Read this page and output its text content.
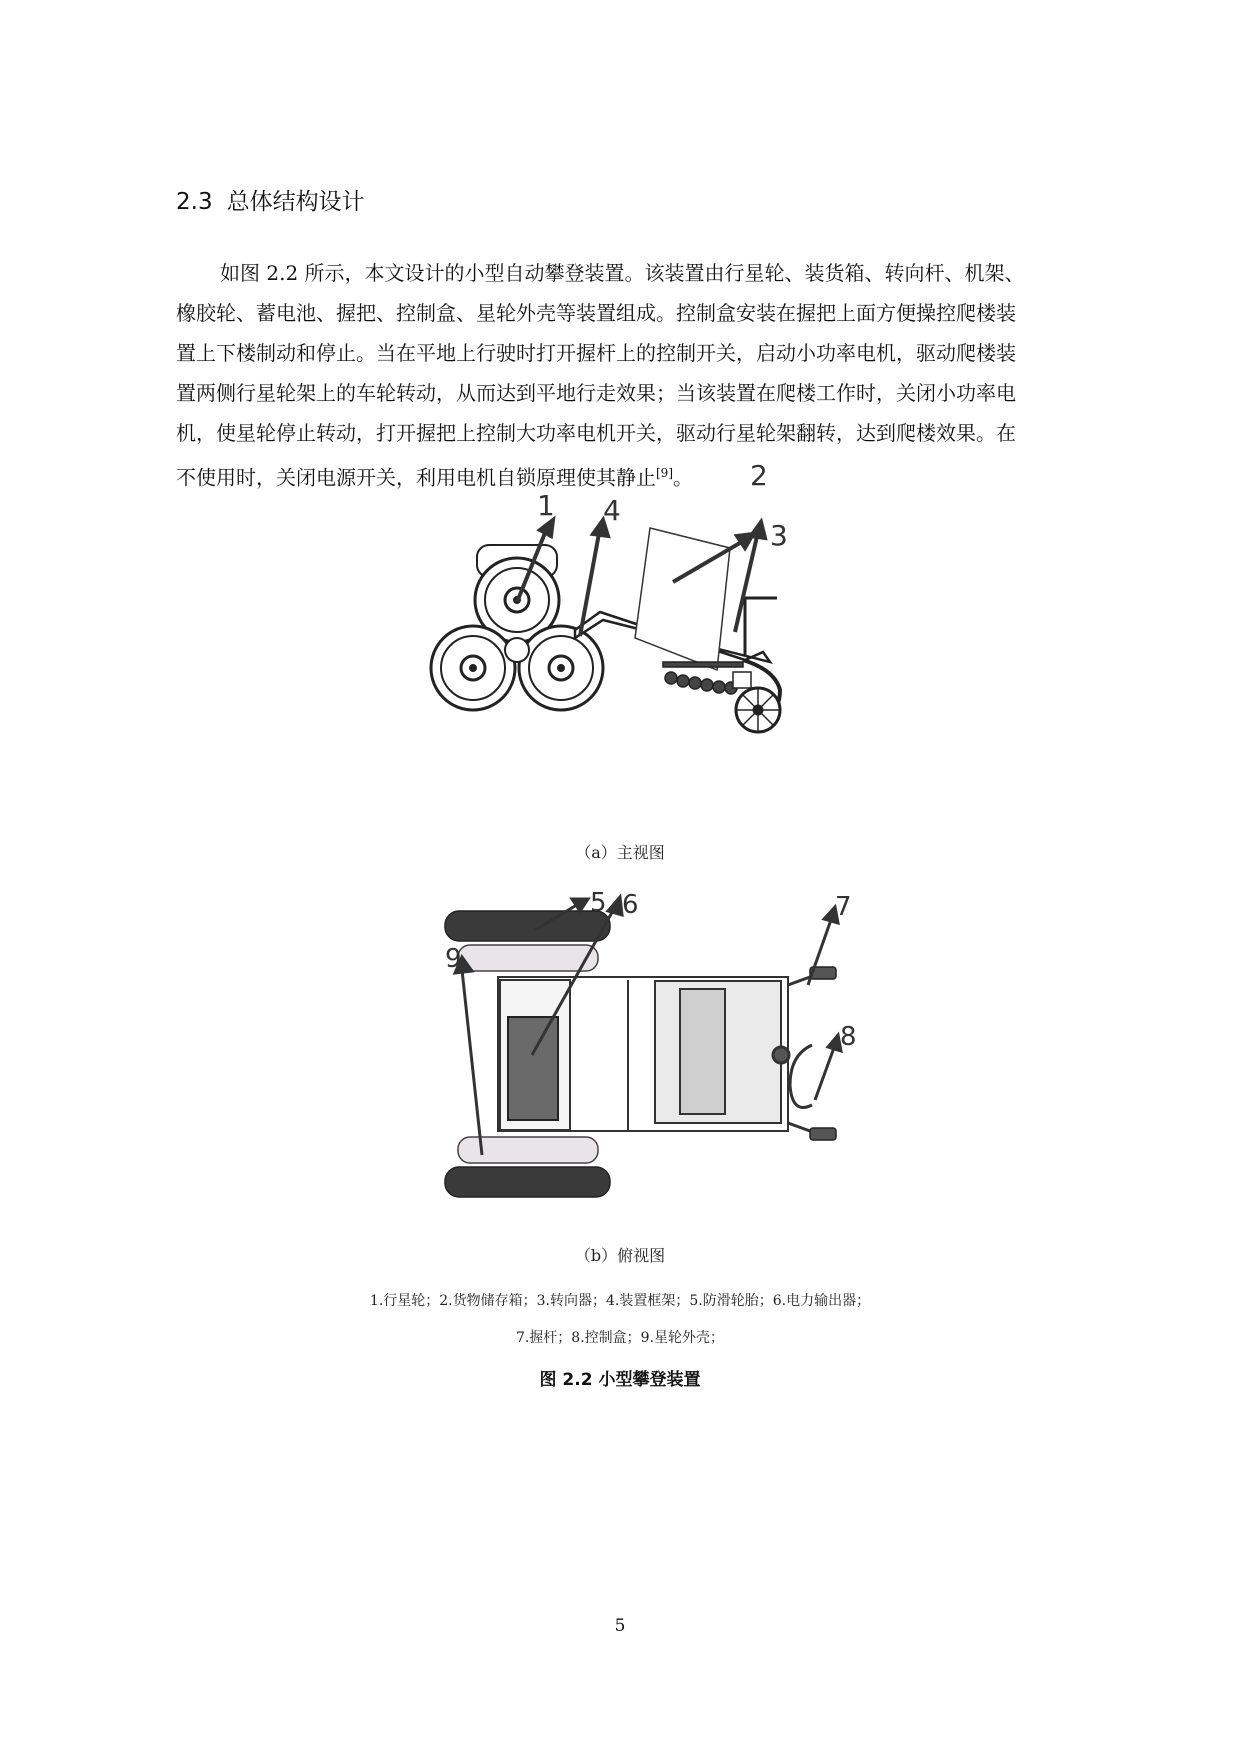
2.3 总体结构设计

如图 2.2 所示，本文设计的小型自动攀登装置。该装置由行星轮、装货箱、转向杆、机架、
橡胶轮、蓄电池、握把、控制盒、星轮外壳等装置组成。控制盒安装在握把上面方便操控爬楼装
置上下楼制动和停止。当在平地上行驶时打开握杆上的控制开关，启动小功率电机，驱动爬楼装
置两侧行星轮架上的车轮转动，从而达到平地行走效果；当该装置在爬楼工作时，关闭小功率电
机，使星轮停止转动，打开握把上控制大功率电机开关，驱动行星轮架翻转，达到爬楼效果。在
不使用时，关闭电源开关，利用电机自锁原理使其静止[9]。

1 4
2
3
（a）主视图
5 6	7
8
9
（b）俯视图
1.行星轮；2.货物储存箱；3.转向器；4.装置框架；5.防滑轮胎；6.电力输出器；
7.握杆；8.控制盒；9.星轮外壳；
图 2.2 小型攀登装置
5
